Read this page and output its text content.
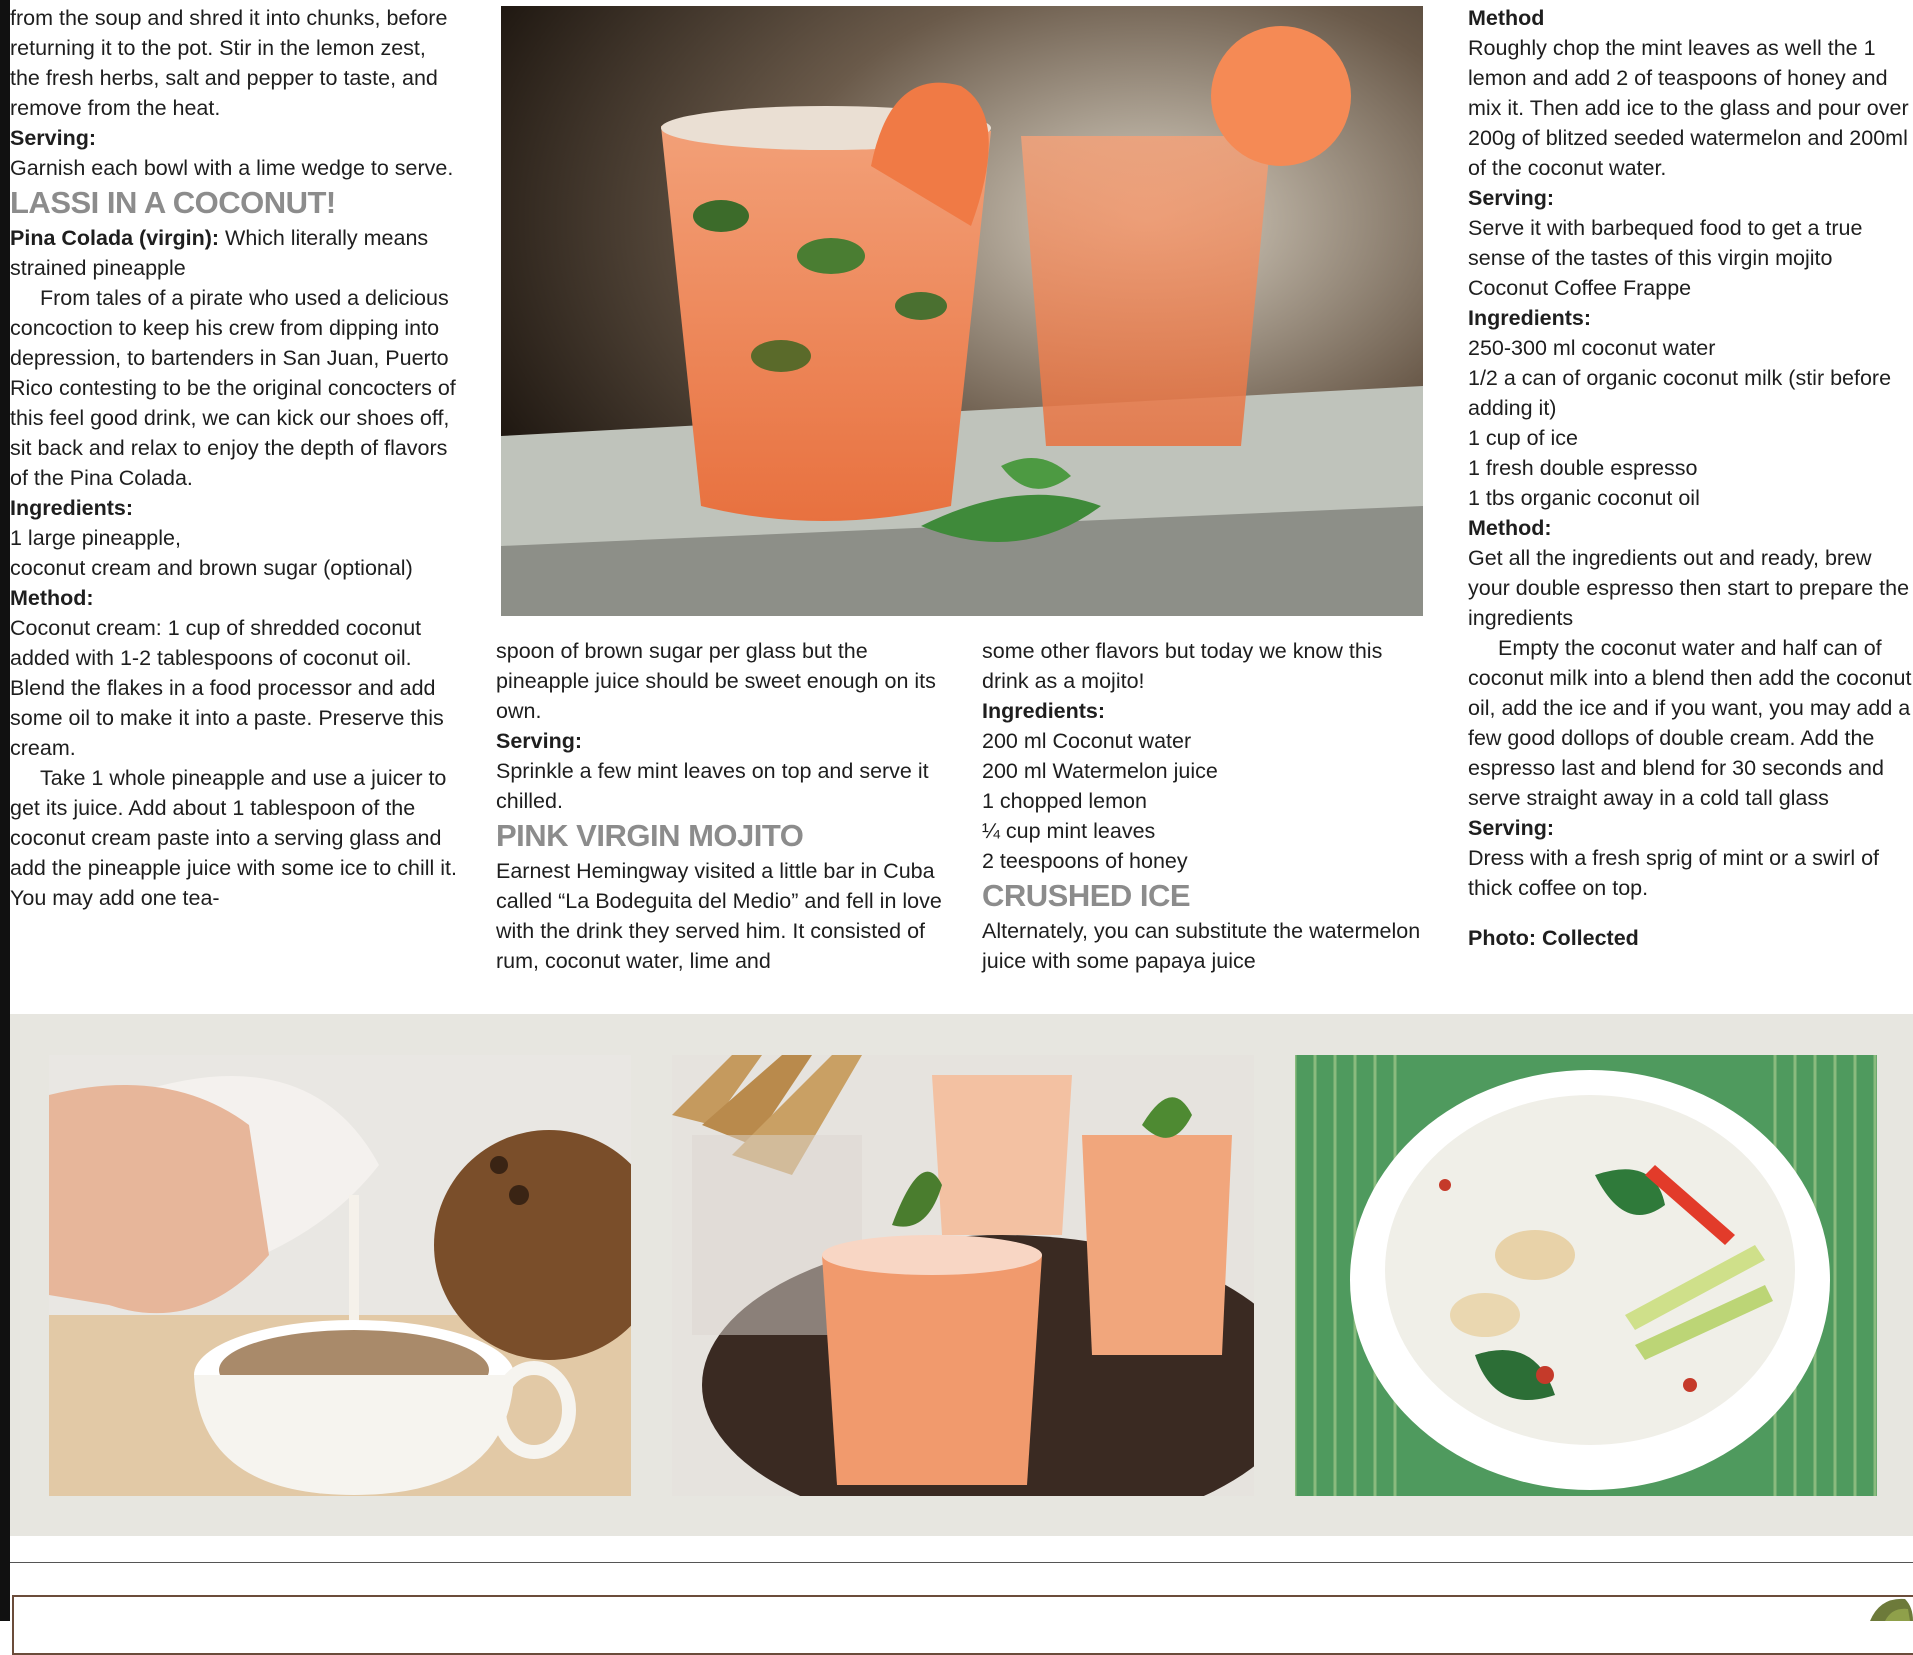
from the soup and shred it into chunks, before returning it to the pot. Stir in the lemon zest, the fresh herbs, salt and pepper to taste, and remove from the heat.

Serving:

Garnish each bowl with a lime wedge to serve.

LASSI IN A COCONUT!

Pina Colada (virgin): Which literally means strained pineapple

From tales of a pirate who used a delicious concoction to keep his crew from dipping into depression, to bartenders in San Juan, Puerto Rico contesting to be the original concocters of this feel good drink, we can kick our shoes off, sit back and relax to enjoy the depth of flavors of the Pina Colada.

Ingredients:

1 large pineapple,

coconut cream and brown sugar (optional)

Method:

Coconut cream: 1 cup of shredded coconut added with 1-2 tablespoons of coconut oil. Blend the flakes in a food processor and add some oil to make it into a paste. Preserve this cream.

Take 1 whole pineapple and use a juicer to get its juice. Add about 1 tablespoon of the coconut cream paste into a serving glass and add the pineapple juice with some ice to chill it. You may add one tea-

spoon of brown sugar per glass but the pineapple juice should be sweet enough on its own.

Serving:

Sprinkle a few mint leaves on top and serve it chilled.

PINK VIRGIN MOJITO

Earnest Hemingway visited a little bar in Cuba called “La Bodeguita del Medio” and fell in love with the drink they served him. It consisted of rum, coconut water, lime and

some other flavors but today we know this drink as a mojito!

Ingredients:

200 ml Coconut water

200 ml Watermelon juice

1 chopped lemon

¼ cup mint leaves

2 teespoons of honey

CRUSHED ICE

Alternately, you can substitute the watermelon juice with some papaya juice

Method

Roughly chop the mint leaves as well the 1 lemon and add 2 of teaspoons of honey and mix it. Then add ice to the glass and pour over 200g of blitzed seeded watermelon and 200ml of the coconut water.

Serving:

Serve it with barbequed food to get a true sense of the tastes of this virgin mojito

Coconut Coffee Frappe

Ingredients:

250-300 ml coconut water

1/2 a can of organic coconut milk (stir before adding it)

1 cup of ice

1 fresh double espresso

1 tbs organic coconut oil

Method:

Get all the ingredients out and ready, brew your double espresso then start to prepare the ingredients

Empty the coconut water and half can of coconut milk into a blend then add the coconut oil, add the ice and if you want, you may add a few good dollops of double cream. Add the espresso last and blend for 30 seconds and serve straight away in a cold tall glass

Serving:

Dress with a fresh sprig of mint or a swirl of thick coffee on top.

Photo: Collected
